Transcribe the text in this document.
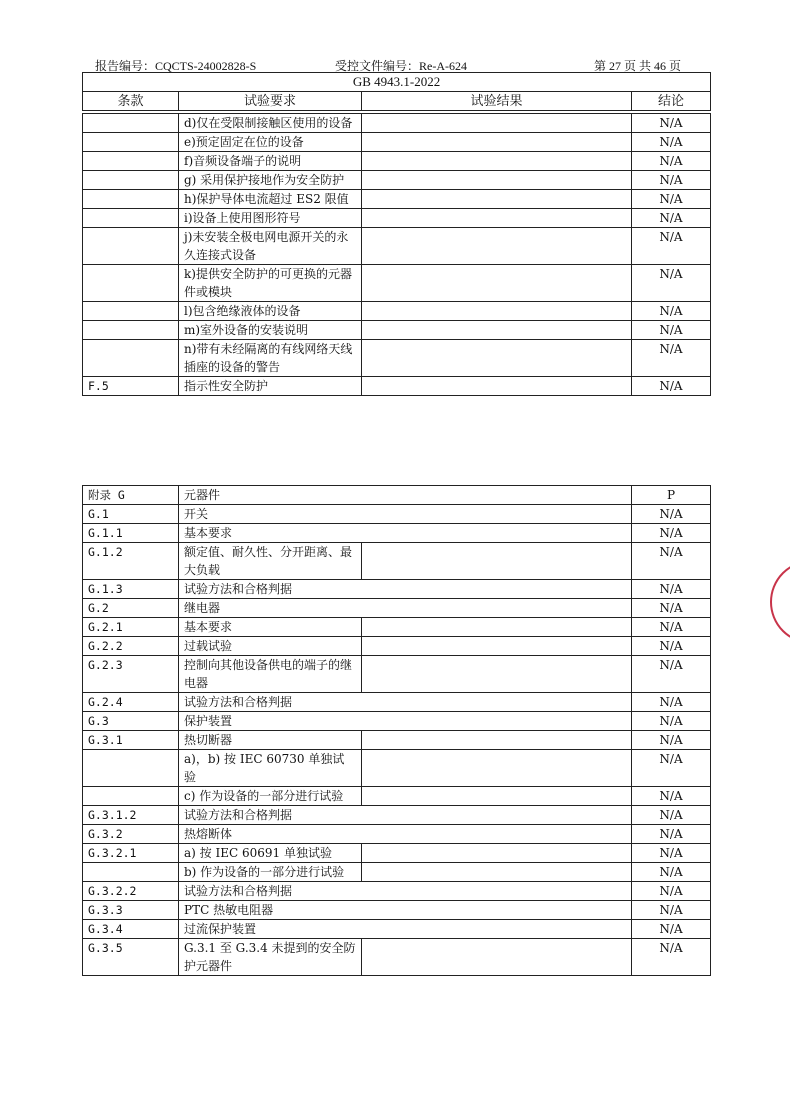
报告编号：CQCTS-24002828-S	受控文件编号：Re-A-624	第 27 页 共 46 页
GB 4943.1-2022
条款	试验要求	试验结果	结论
	d)仅在受限制接触区使用的设备		N/A
	e)预定固定在位的设备		N/A
	f)音频设备端子的说明		N/A
	g) 采用保护接地作为安全防护		N/A
	h)保护导体电流超过 ES2 限值		N/A
	i)设备上使用图形符号		N/A
	j)未安装全极电网电源开关的永久连接式设备		N/A
	k)提供安全防护的可更换的元器件或模块		N/A
	l)包含绝缘液体的设备		N/A
	m)室外设备的安装说明		N/A
	n)带有未经隔离的有线网络天线插座的设备的警告		N/A
F.5	指示性安全防护		N/A
附录 G	元器件		P
G.1	开关		N/A
G.1.1	基本要求		N/A
G.1.2	额定值、耐久性、分开距离、最大负载		N/A
G.1.3	试验方法和合格判据		N/A
G.2	继电器		N/A
G.2.1	基本要求		N/A
G.2.2	过载试验		N/A
G.2.3	控制向其他设备供电的端子的继电器		N/A
G.2.4	试验方法和合格判据		N/A
G.3	保护装置		N/A
G.3.1	热切断器		N/A
	a)，b) 按 IEC 60730 单独试验		N/A
	c) 作为设备的一部分进行试验		N/A
G.3.1.2	试验方法和合格判据		N/A
G.3.2	热熔断体		N/A
G.3.2.1	a) 按 IEC 60691 单独试验		N/A
	b) 作为设备的一部分进行试验		N/A
G.3.2.2	试验方法和合格判据		N/A
G.3.3	PTC 热敏电阻器		N/A
G.3.4	过流保护装置		N/A
G.3.5	G.3.1 至 G.3.4 未提到的安全防护元器件		N/A
